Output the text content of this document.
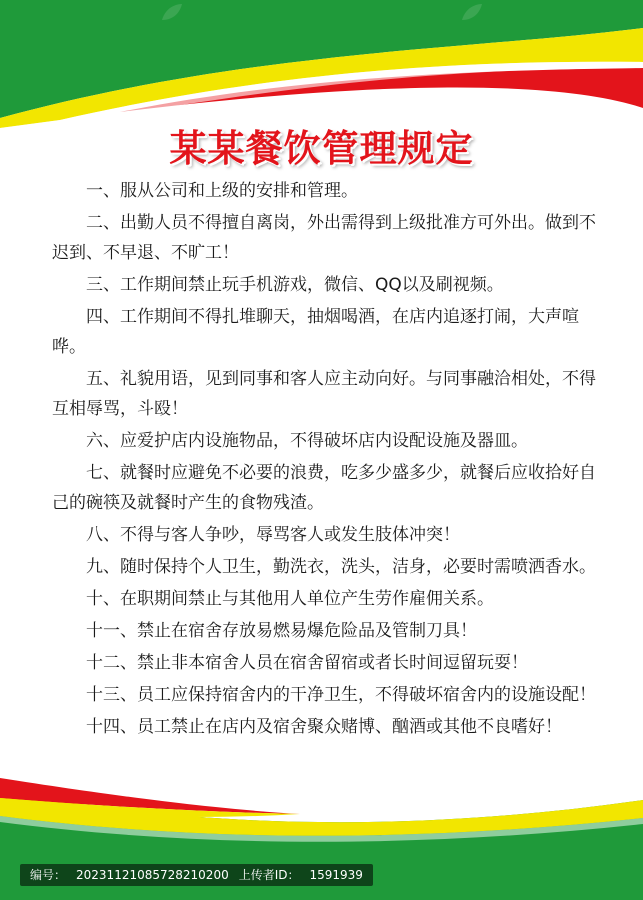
某某餐饮管理规定

一、服从公司和上级的安排和管理。

二、出勤人员不得擅自离岗，外出需得到上级批准方可外出。做到不迟到、不早退、不旷工！

三、工作期间禁止玩手机游戏，微信、QQ以及刷视频。

四、工作期间不得扎堆聊天，抽烟喝酒，在店内追逐打闹，大声喧哗。

五、礼貌用语，见到同事和客人应主动向好。与同事融洽相处，不得互相辱骂，斗殴！

六、应爱护店内设施物品，不得破坏店内设配设施及器皿。

七、就餐时应避免不必要的浪费，吃多少盛多少，就餐后应收拾好自己的碗筷及就餐时产生的食物残渣。

八、不得与客人争吵，辱骂客人或发生肢体冲突！

九、随时保持个人卫生，勤洗衣，洗头，洁身，必要时需喷洒香水。

十、在职期间禁止与其他用人单位产生劳作雇佣关系。

十一、禁止在宿舍存放易燃易爆危险品及管制刀具！

十二、禁止非本宿舍人员在宿舍留宿或者长时间逗留玩耍！

十三、员工应保持宿舍内的干净卫生，不得破坏宿舍内的设施设配！

十四、员工禁止在店内及宿舍聚众赌博、酗酒或其他不良嗜好！

编号： 20231121085728210200 上传者ID： 1591939
